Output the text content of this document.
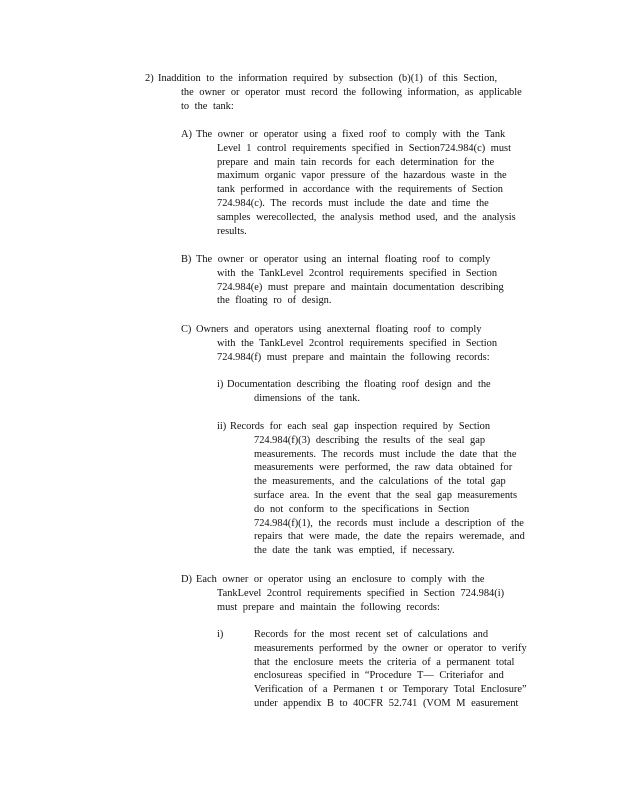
2) Inaddition to the information required by subsection (b)(1) of this Section,
the owner or operator must record the following information, as applicable
to the tank:
A) The owner or operator using a fixed roof to comply with the Tank
Level 1 control requirements specified in Section724.984(c) must
prepare and main tain records for each determination for the
maximum organic vapor pressure of the hazardous waste in the
tank performed in accordance with the requirements of Section
724.984(c). The records must include the date and time the
samples werecollected, the analysis method used, and the analysis
results.
B) The owner or operator using an internal floating roof to comply
with the TankLevel 2control requirements specified in Section
724.984(e) must prepare and maintain documentation describing
the floating ro of design.
C) Owners and operators using anexternal floating roof to comply
with the TankLevel 2control requirements specified in Section
724.984(f) must prepare and maintain the following records:
i) Documentation describing the floating roof design and the
dimensions of the tank.
ii) Records for each seal gap inspection required by Section
724.984(f)(3) describing the results of the seal gap
measurements. The records must include the date that the
measurements were performed, the raw data obtained for
the measurements, and the calculations of the total gap
surface area. In the event that the seal gap measurements
do not conform to the specifications in Section
724.984(f)(1), the records must include a description of the
repairs that were made, the date the repairs weremade, and
the date the tank was emptied, if necessary.
D) Each owner or operator using an enclosure to comply with the
TankLevel 2control requirements specified in Section 724.984(i)
must prepare and maintain the following records:
i)	Records for the most recent set of calculations and
measurements performed by the owner or operator to verify
that the enclosure meets the criteria of a permanent total
enclosureas specified in “Procedure T— Criteriafor and
Verification of a Permanen t or Temporary Total Enclosure”
under appendix B to 40CFR 52.741 (VOM M easurement
